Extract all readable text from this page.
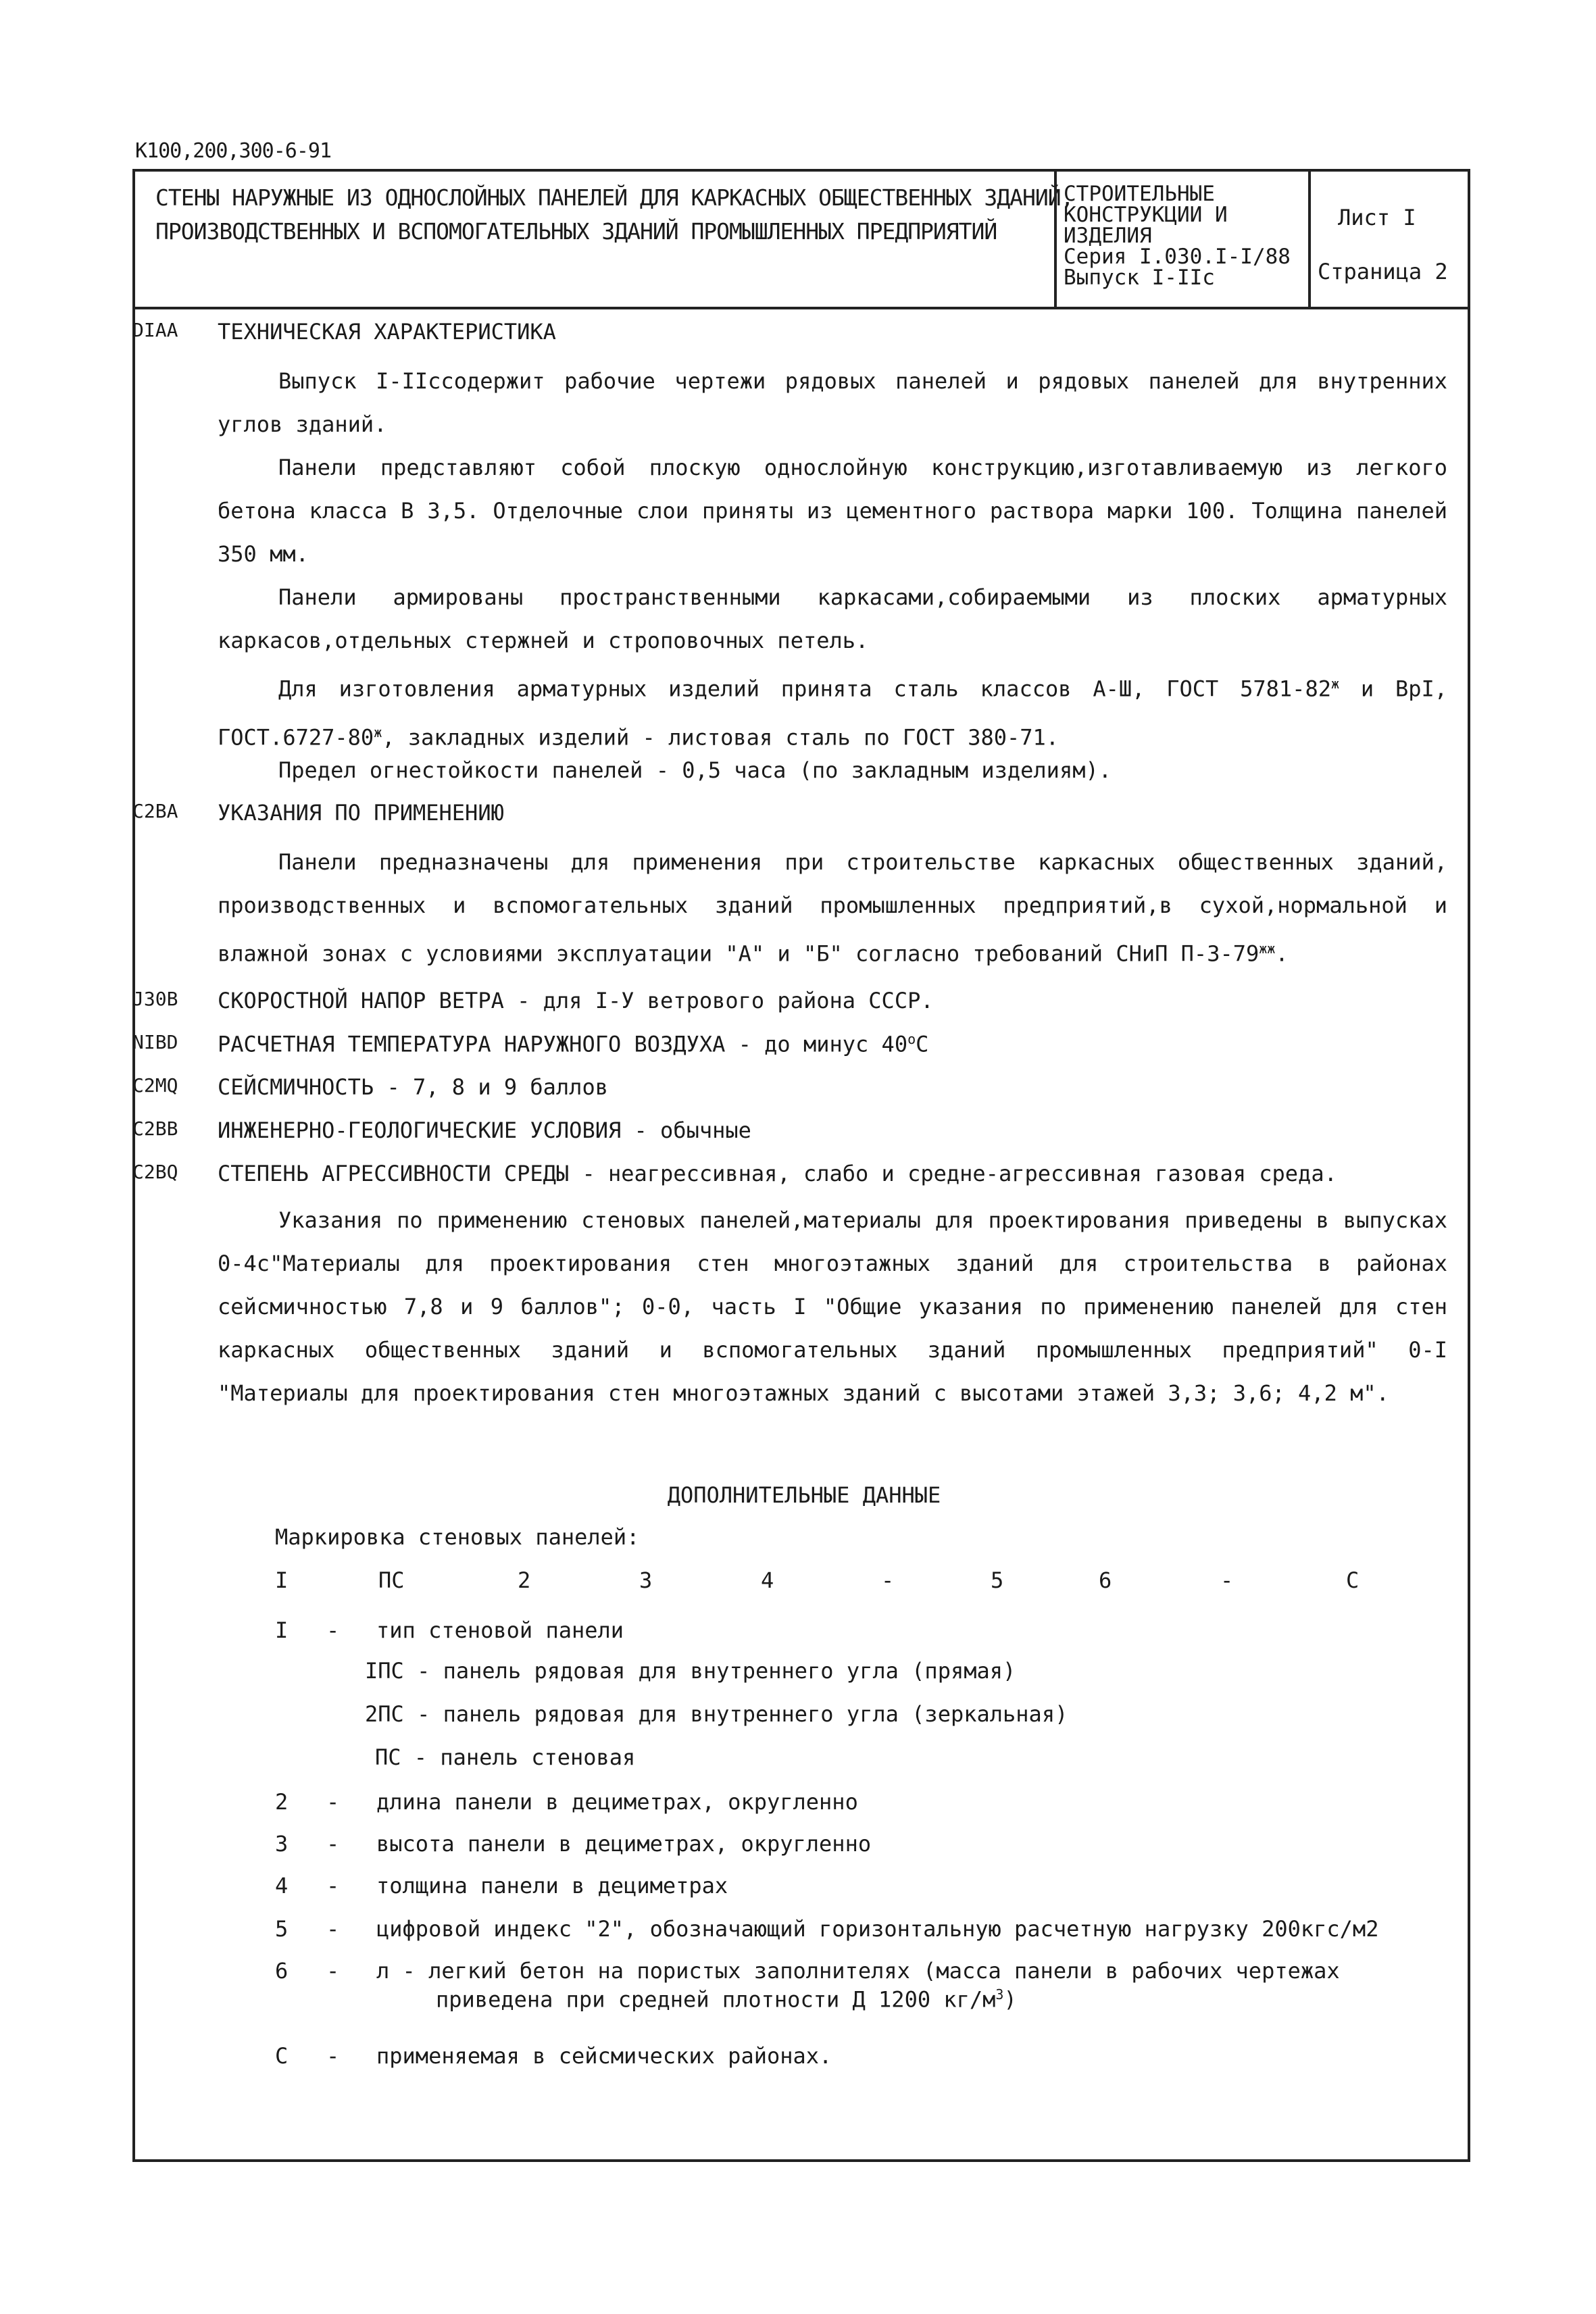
К100,200,300-6-91
СТЕНЫ НАРУЖНЫЕ ИЗ ОДНОСЛОЙНЫХ ПАНЕЛЕЙ ДЛЯ КАРКАСНЫХ ОБЩЕСТВЕННЫХ ЗДАНИЙ, ПРОИЗВОДСТВЕННЫХ И ВСПОМОГАТЕЛЬНЫХ ЗДАНИЙ ПРОМЫШЛЕННЫХ ПРЕДПРИЯТИЙ
СТРОИТЕЛЬНЫЕ
КОНСТРУКЦИИ И
ИЗДЕЛИЯ
Серия I.030.I-I/88
Выпуск I-IIс
Лист I
Страница 2
DIAA	ТЕХНИЧЕСКАЯ ХАРАКТЕРИСТИКА
Выпуск I-IIссодержит рабочие чертежи рядовых панелей и рядовых панелей для внутренних углов зданий.
Панели представляют собой плоскую однослойную конструкцию,изготавливаемую из легкого бетона класса В 3,5. Отделочные слои приняты из цементного раствора марки 100. Толщина панелей 350 мм.
Панели армированы пространственными каркасами,собираемыми из плоских арматурных каркасов,отдельных стержней и строповочных петель.
Для изготовления арматурных изделий принята сталь классов А-Ш, ГОСТ $5781-82^ж$ и ВрI, $ГОСТ.6727-80^ж$, закладных изделий - листовая сталь по ГОСТ 380-71.
Предел огнестойкости панелей - 0,5 часа (по закладным изделиям).
C2BA	УКАЗАНИЯ ПО ПРИМЕНЕНИЮ
Панели предназначены для применения при строительстве каркасных общественных зданий, производственных и вспомогательных зданий промышленных предприятий,в сухой,нормальной и влажной зонах с условиями эксплуатации "А" и "Б" согласно требований СНиП $П-3-79^{жж}$.
J30B	СКОРОСТНОЙ НАПОР ВЕТРА - для I-У ветрового района СССР.
NIBD	РАСЧЕТНАЯ ТЕМПЕРАТУРА НАРУЖНОГО ВОЗДУХА - до минус $40^оС$
C2MQ	СЕЙСМИЧНОСТЬ - 7, 8 и 9 баллов
C2BB	ИНЖЕНЕРНО-ГЕОЛОГИЧЕСКИЕ УСЛОВИЯ - обычные
C2BQ	СТЕПЕНЬ АГРЕССИВНОСТИ СРЕДЫ - неагрессивная, слабо и средне-агрессивная газовая среда.
Указания по применению стеновых панелей,материалы для проектирования приведены в выпусках 0-4с"Материалы для проектирования стен многоэтажных зданий для строительства в районах сейсмичностью 7,8 и 9 баллов"; 0-0, часть I "Общие указания по применению панелей для стен каркасных общественных зданий и вспомогательных зданий промышленных предприятий" 0-I "Материалы для проектирования стен многоэтажных зданий с высотами этажей 3,3; 3,6; 4,2 м".
ДОПОЛНИТЕЛЬНЫЕ ДАННЫЕ
Маркировка стеновых панелей:
I	ПС	2	3	4	-	5	6	-	С
I	-	тип стеновой панели
IПС - панель рядовая для внутреннего угла (прямая)
2ПС - панель рядовая для внутреннего угла (зеркальная)
ПС - панель стеновая
2	-	длина панели в дециметрах, округленно
3	-	высота панели в дециметрах, округленно
4	-	толщина панели в дециметрах
5	-	цифровой индекс "2", обозначающий горизонтальную расчетную нагрузку 200кгс/м2
6	-	л - легкий бетон на пористых заполнителях (масса панели в рабочих чертежах
приведена при средней плотности Д 1200 $кг/м^3$)
С	-	применяемая в сейсмических районах.
